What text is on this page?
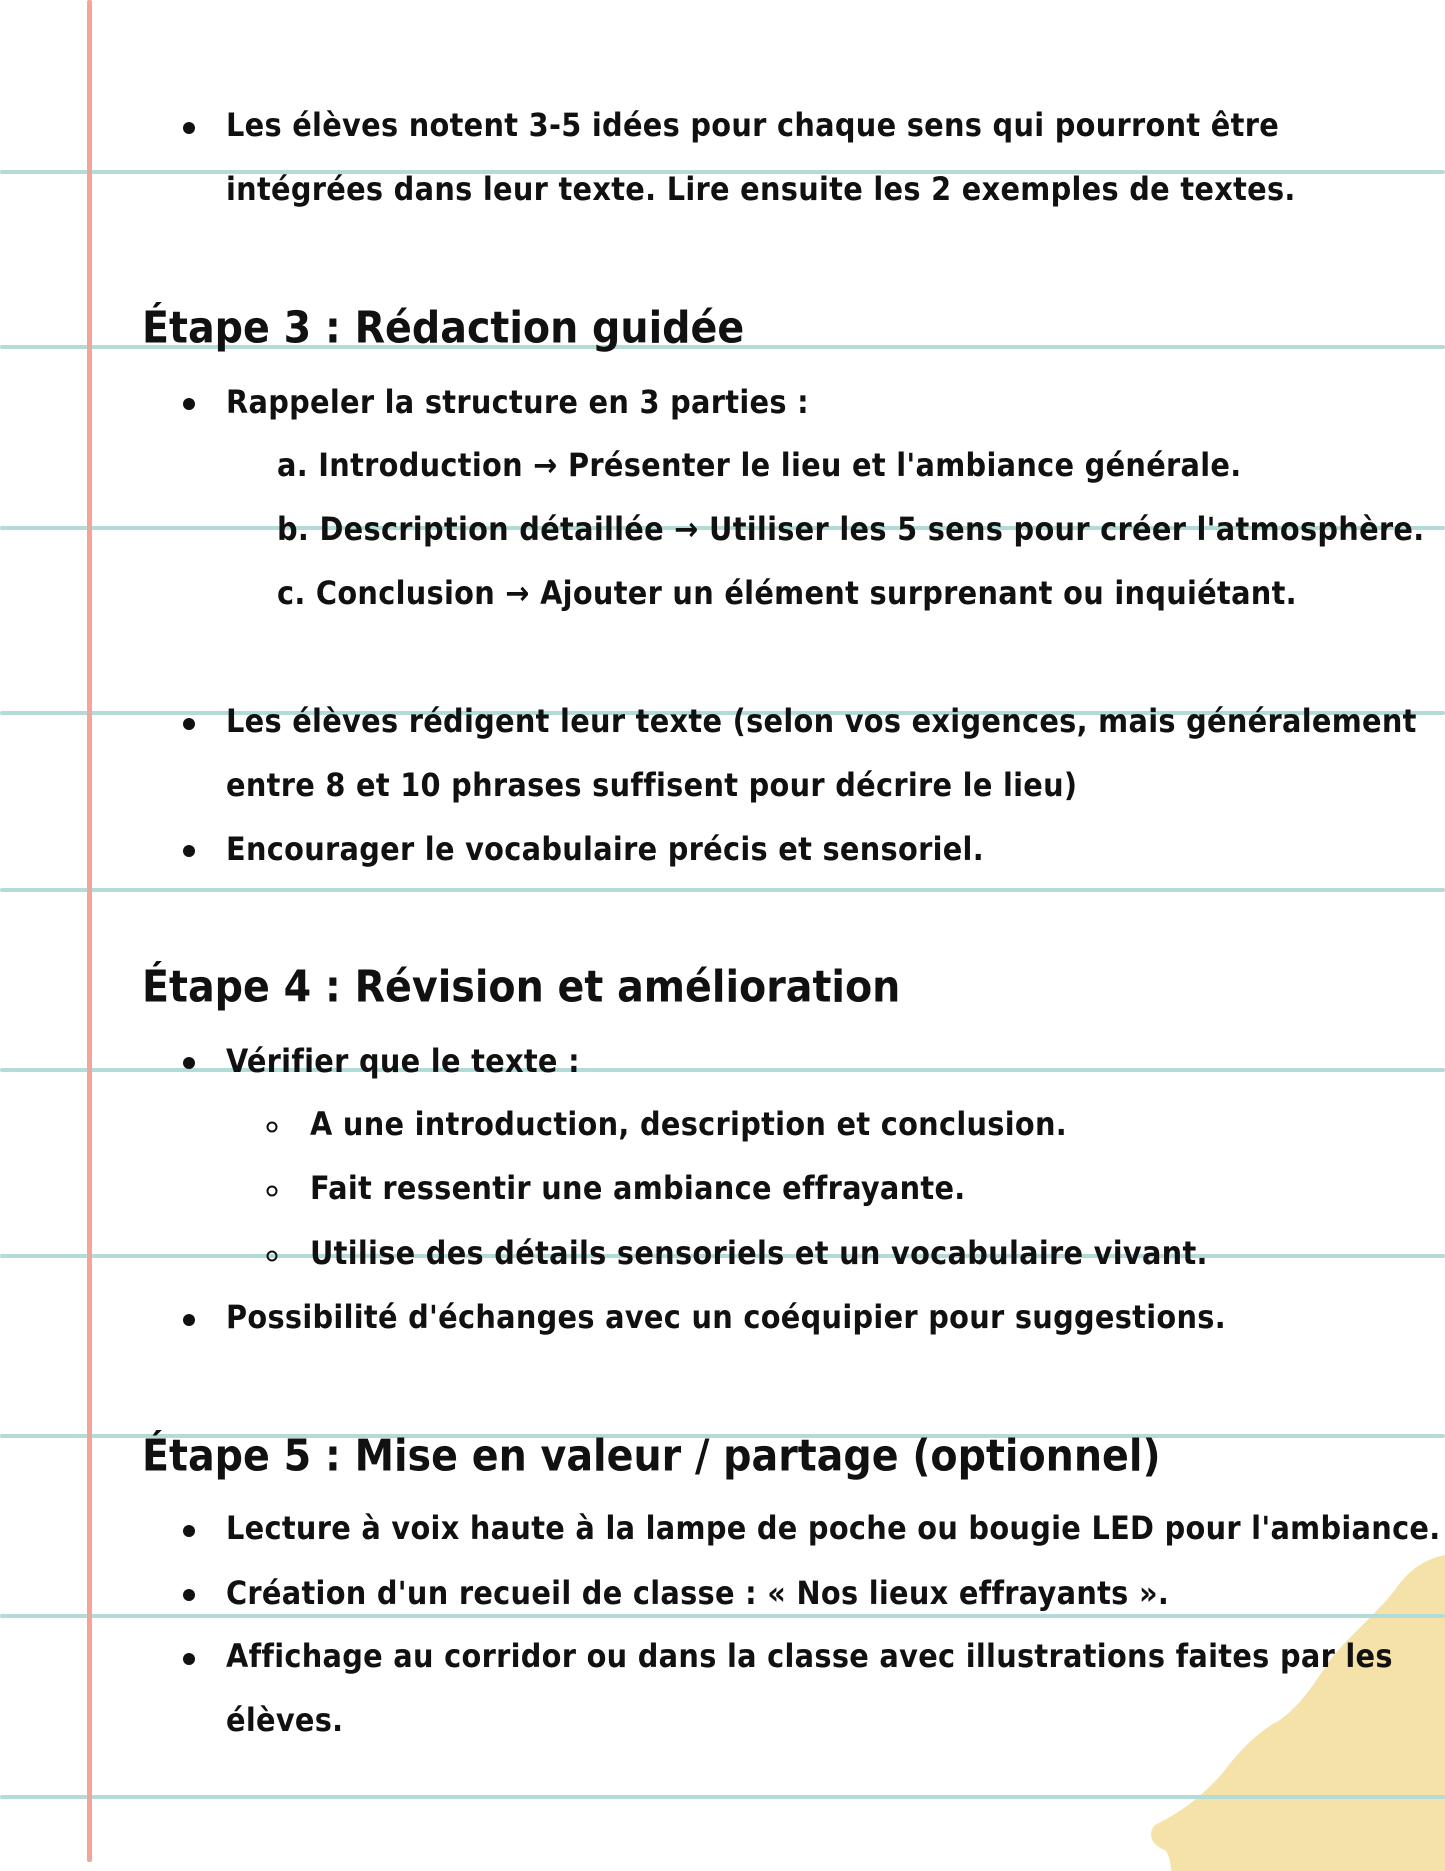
Les élèves notent 3-5 idées pour chaque sens qui pourront être
intégrées dans leur texte. Lire ensuite les 2 exemples de textes.
Étape 3 : Rédaction guidée
Rappeler la structure en 3 parties :
a. Introduction → Présenter le lieu et l'ambiance générale.
b. Description détaillée → Utiliser les 5 sens pour créer l'atmosphère.
c. Conclusion → Ajouter un élément surprenant ou inquiétant.
Les élèves rédigent leur texte (selon vos exigences, mais généralement
entre 8 et 10 phrases suffisent pour décrire le lieu)
Encourager le vocabulaire précis et sensoriel.
Étape 4 : Révision et amélioration
Vérifier que le texte :
A une introduction, description et conclusion.
Fait ressentir une ambiance effrayante.
Utilise des détails sensoriels et un vocabulaire vivant.
Possibilité d'échanges avec un coéquipier pour suggestions.
Étape 5 : Mise en valeur / partage (optionnel)
Lecture à voix haute à la lampe de poche ou bougie LED pour l'ambiance.
Création d'un recueil de classe : « Nos lieux effrayants ».
Affichage au corridor ou dans la classe avec illustrations faites par les
élèves.
